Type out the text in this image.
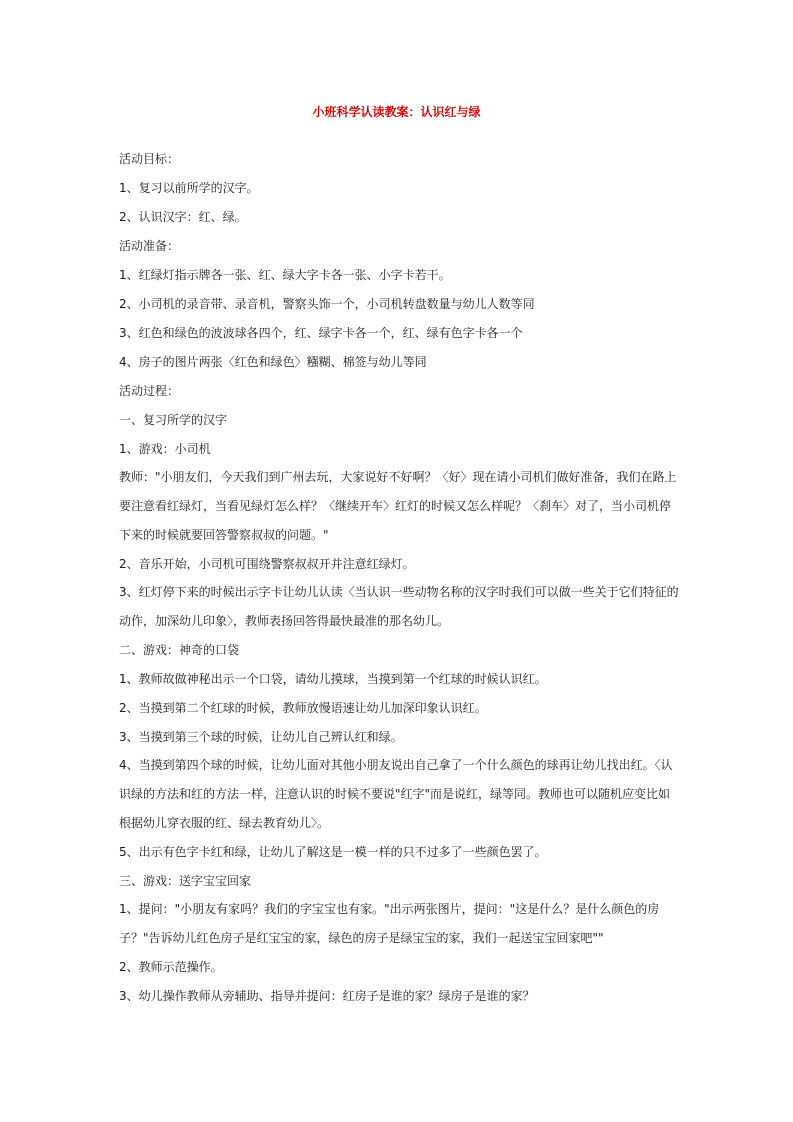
小班科学认读教案：认识红与绿

活动目标：

1、复习以前所学的汉字。

2、认识汉字：红、绿。

活动准备：

1、红绿灯指示牌各一张、红、绿大字卡各一张、小字卡若干。

2、小司机的录音带、录音机，警察头饰一个，小司机转盘数量与幼儿人数等同

3、红色和绿色的波波球各四个，红、绿字卡各一个，红、绿有色字卡各一个

4、房子的图片两张〈红色和绿色〉糨糊、棉签与幼儿等同

活动过程：

一、复习所学的汉字

1、游戏：小司机

教师："小朋友们，今天我们到广州去玩，大家说好不好啊？〈好〉现在请小司机们做好准备，我们在路上要注意看红绿灯，当看见绿灯怎么样？〈继续开车〉红灯的时候又怎么样呢？〈刹车〉对了，当小司机停下来的时候就要回答警察叔叔的问题。"

2、音乐开始，小司机可围绕警察叔叔开并注意红绿灯。

3、红灯停下来的时候出示字卡让幼儿认读〈当认识一些动物名称的汉字时我们可以做一些关于它们特征的动作，加深幼儿印象〉，教师表扬回答得最快最准的那名幼儿。

二、游戏：神奇的口袋

1、教师故做神秘出示一个口袋，请幼儿摸球，当摸到第一个红球的时候认识红。

2、当摸到第二个红球的时候，教师放慢语速让幼儿加深印象认识红。

3、当摸到第三个球的时候，让幼儿自己辨认红和绿。

4、当摸到第四个球的时候，让幼儿面对其他小朋友说出自己拿了一个什么颜色的球再让幼儿找出红。〈认识绿的方法和红的方法一样，注意认识的时候不要说"红字"而是说红，绿等同。教师也可以随机应变比如根据幼儿穿衣服的红、绿去教育幼儿〉。

5、出示有色字卡红和绿，让幼儿了解这是一模一样的只不过多了一些颜色罢了。

三、游戏：送字宝宝回家

1、提问："小朋友有家吗？我们的字宝宝也有家。"出示两张图片，提问："这是什么？是什么颜色的房子？"告诉幼儿红色房子是红宝宝的家，绿色的房子是绿宝宝的家，我们一起送宝宝回家吧""

2、教师示范操作。

3、幼儿操作教师从旁辅助、指导并提问：红房子是谁的家？绿房子是谁的家？
